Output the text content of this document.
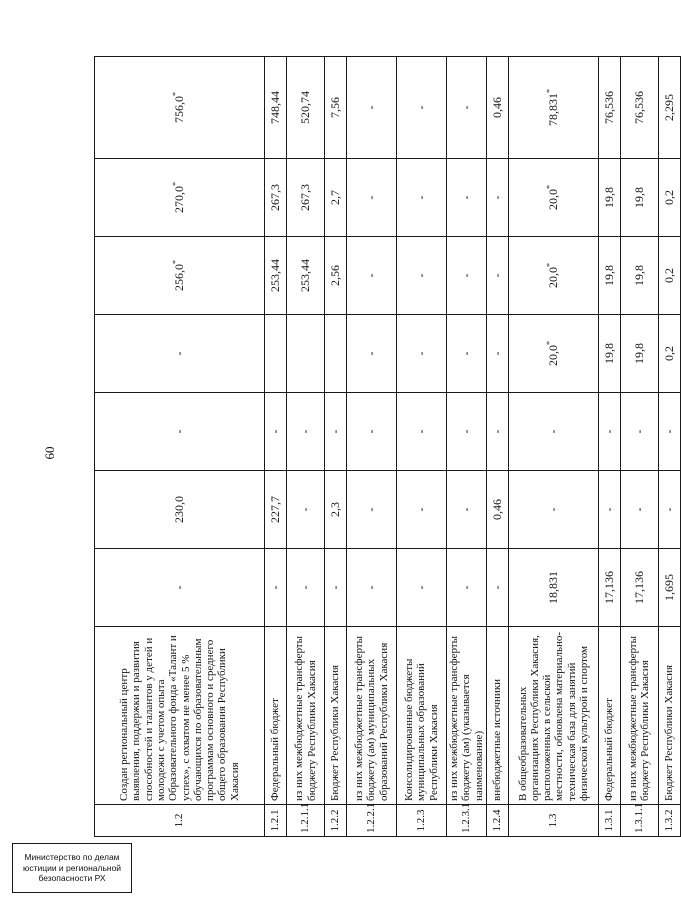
60
1.2	Создан региональный центр выявления, поддержки и развития способностей и талантов у детей и молодежи с учетом опыта Образовательного фонда «Талант и успех», с охватом не менее 5 % обучающихся по образовательным программам основного и среднего общего образования Республики Хакасия	-	230,0	-	-	256,0*	270,0*	756,0*
1.2.1	Федеральный бюджет	-	227,7	-		253,44	267,3	748,44
1.2.1.1	из них межбюджетные трансферты бюджету Республики Хакасия	-	-	-		253,44	267,3	520,74
1.2.2	Бюджет Республики Хакасия	-	2,3	-		2,56	2,7	7,56
1.2.2.1	из них межбюджетные трансферты бюджету (ам) муниципальных образований Республики Хакасия	-	-	-	-	-	-	-
1.2.3	Консолидированные бюджеты муниципальных образований Республики Хакасия	-	-	-	-	-	-	-
1.2.3.1	из них межбюджетные трансферты бюджету (ам) (указывается наименование)	-	-	-	-	-	-	-
1.2.4	внебюджетные источники	-	0,46	-	-	-	-	0,46
1.3	В общеобразовательных организациях Республики Хакасия, расположенных в сельской местности, обновлена материально-техническая база для занятий физической культурой и спортом	18,831	-	-	20,0*	20,0*	20,0*	78,831*
1.3.1	Федеральный бюджет	17,136	-	-	19,8	19,8	19,8	76,536
1.3.1.1	из них межбюджетные трансферты бюджету Республики Хакасия	17,136	-	-	19,8	19,8	19,8	76,536
1.3.2	Бюджет Республики Хакасия	1,695	-	-	0,2	0,2	0,2	2,295
Министерство по делам
юстиции и региональной
безопасности РХ
